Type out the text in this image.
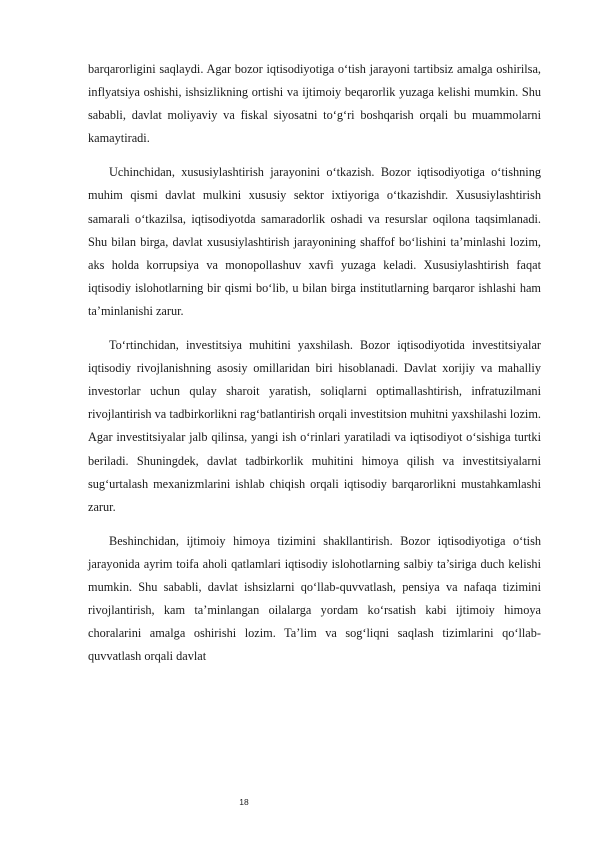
barqarorligini saqlaydi. Agar bozor iqtisodiyotiga oʻtish jarayoni tartibsiz amalga oshirilsa, inflyatsiya oshishi, ishsizlikning ortishi va ijtimoiy beqarorlik yuzaga kelishi mumkin. Shu sababli, davlat moliyaviy va fiskal siyosatni toʻgʻri boshqarish orqali bu muammolarni kamaytiradi.

Uchinchidan, xususiylashtirish jarayonini oʻtkazish. Bozor iqtisodiyotiga oʻtishning muhim qismi davlat mulkini xususiy sektor ixtiyoriga oʻtkazishdir. Xususiylashtirish samarali oʻtkazilsa, iqtisodiyotda samaradorlik oshadi va resurslar oqilona taqsimlanadi. Shu bilan birga, davlat xususiylashtirish jarayonining shaffof boʻlishini ta’minlashi lozim, aks holda korrupsiya va monopollashuv xavfi yuzaga keladi. Xususiylashtirish faqat iqtisodiy islohotlarning bir qismi boʻlib, u bilan birga institutlarning barqaror ishlashi ham ta’minlanishi zarur.

Toʻrtinchidan, investitsiya muhitini yaxshilash. Bozor iqtisodiyotida investitsiyalar iqtisodiy rivojlanishning asosiy omillaridan biri hisoblanadi. Davlat xorijiy va mahalliy investorlar uchun qulay sharoit yaratish, soliqlarni optimallashtirish, infratuzilmani rivojlantirish va tadbirkorlikni ragʻbatlantirish orqali investitsion muhitni yaxshilashi lozim. Agar investitsiyalar jalb qilinsa, yangi ish oʻrinlari yaratiladi va iqtisodiyot oʻsishiga turtki beriladi. Shuningdek, davlat tadbirkorlik muhitini himoya qilish va investitsiyalarni sugʻurtalash mexanizmlarini ishlab chiqish orqali iqtisodiy barqarorlikni mustahkamlashi zarur.

Beshinchidan, ijtimoiy himoya tizimini shakllantirish. Bozor iqtisodiyotiga oʻtish jarayonida ayrim toifa aholi qatlamlari iqtisodiy islohotlarning salbiy ta’siriga duch kelishi mumkin. Shu sababli, davlat ishsizlarni qoʻllab-quvvatlash, pensiya va nafaqa tizimini rivojlantirish, kam ta’minlangan oilalarga yordam koʻrsatish kabi ijtimoiy himoya choralarini amalga oshirishi lozim. Ta’lim va sogʻliqni saqlash tizimlarini qoʻllab-quvvatlash orqali davlat

18
